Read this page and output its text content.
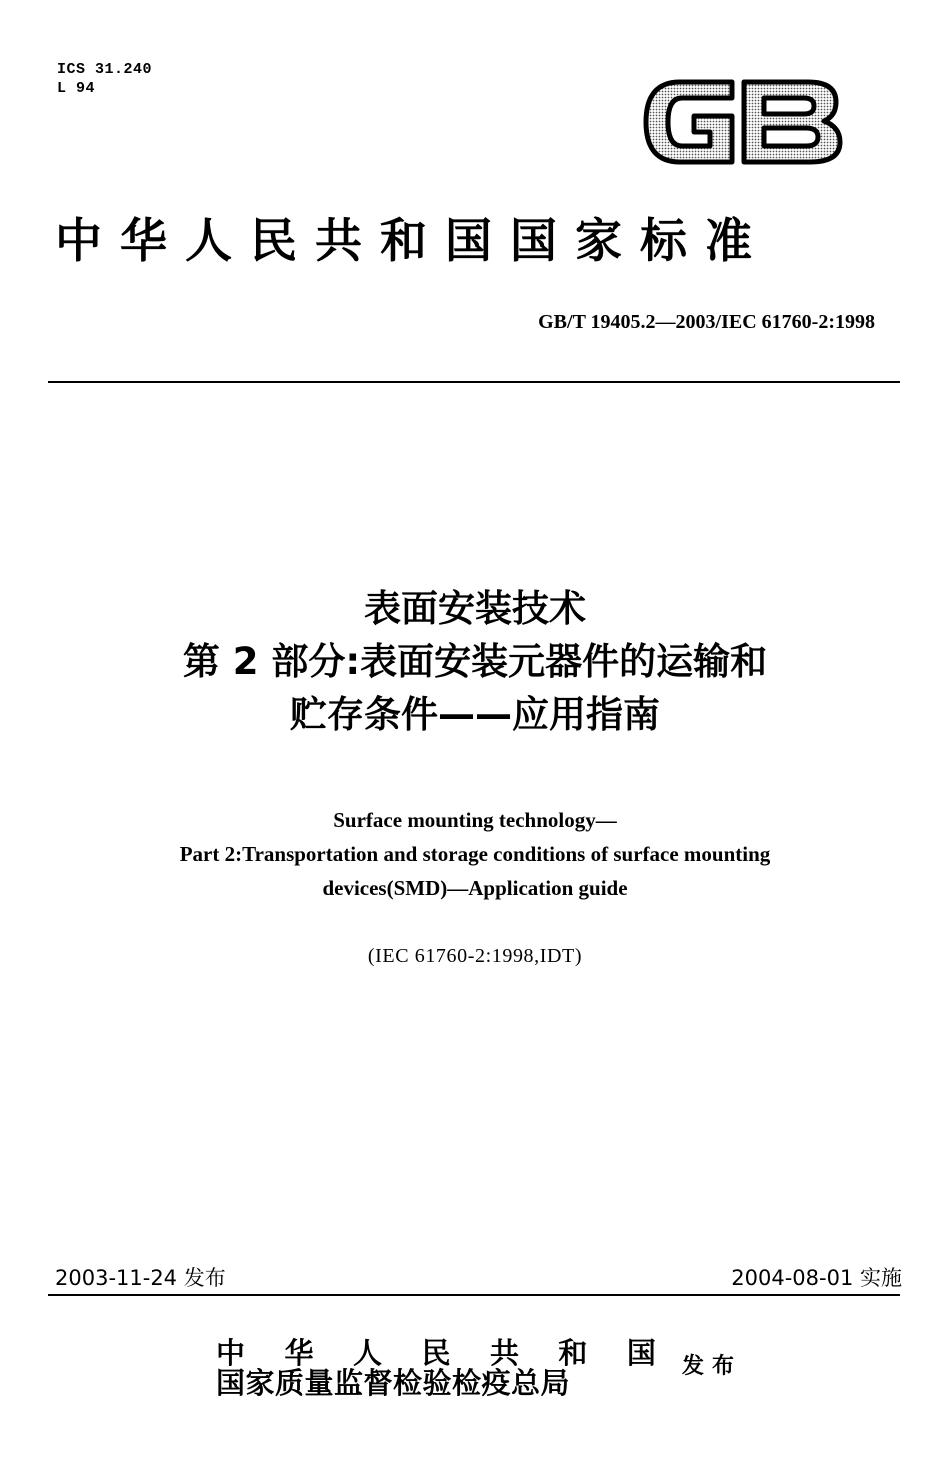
ICS 31.240
L 94
中华人民共和国国家标准
GB/T 19405.2—2003/IEC 61760-2:1998
表面安装技术
第 2 部分:表面安装元器件的运输和
贮存条件——应用指南
Surface mounting technology—
Part 2:Transportation and storage conditions of surface mounting
devices(SMD)—Application guide
(IEC 61760-2:1998,IDT)
2003-11-24 发布	2004-08-01 实施
中 华 人 民 共 和 国
国家质量监督检验检疫总局	发布
